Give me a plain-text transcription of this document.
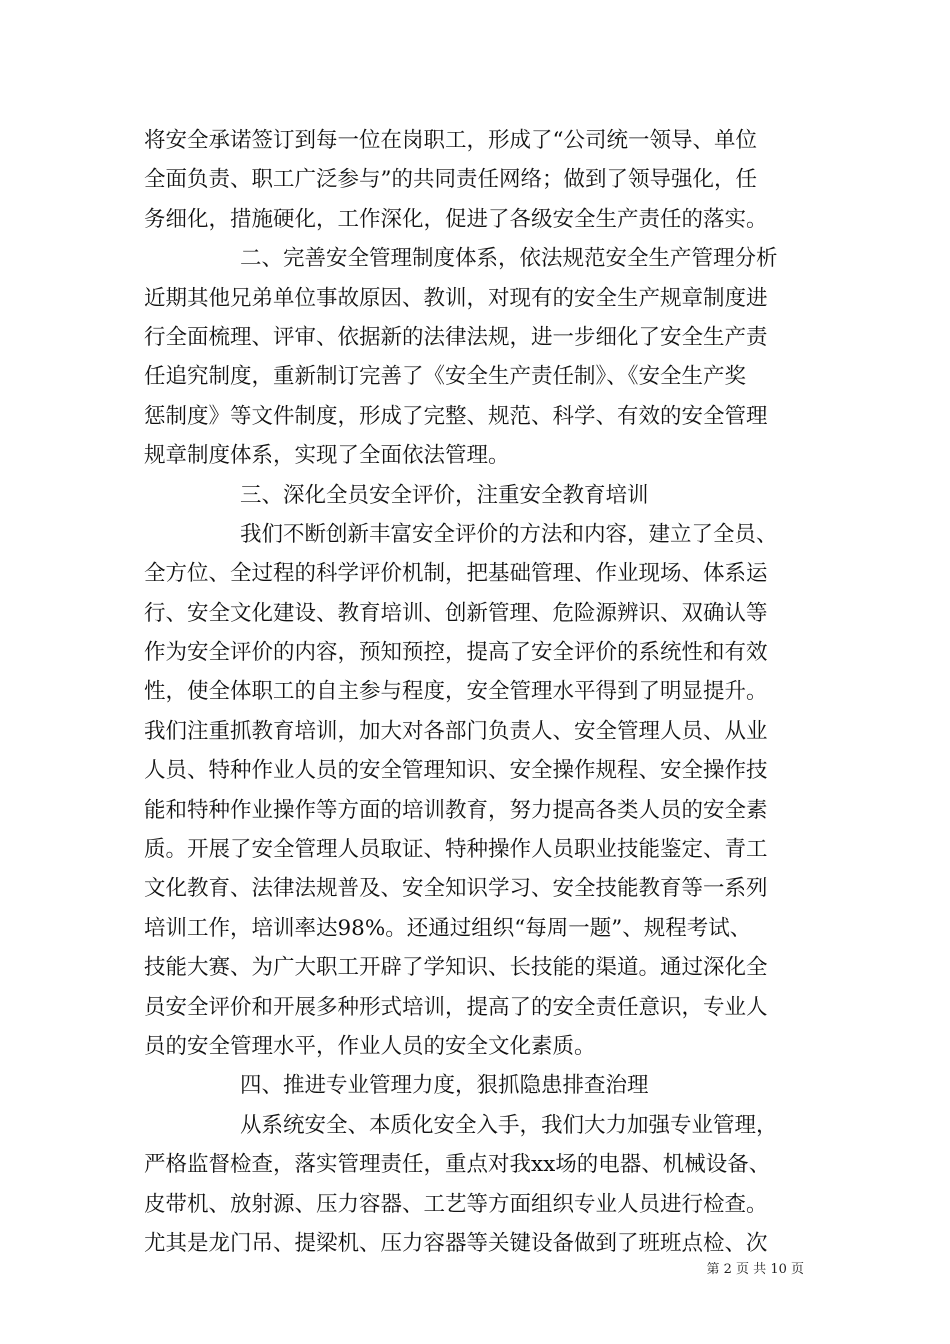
将安全承诺签订到每一位在岗职工，形成了“公司统一领导、单位
全面负责、职工广泛参与”的共同责任网络；做到了领导强化，任
务细化，措施硬化，工作深化，促进了各级安全生产责任的落实。
二、完善安全管理制度体系，依法规范安全生产管理分析
近期其他兄弟单位事故原因、教训，对现有的安全生产规章制度进
行全面梳理、评审、依据新的法律法规，进一步细化了安全生产责
任追究制度，重新制订完善了《安全生产责任制》、《安全生产奖
惩制度》等文件制度，形成了完整、规范、科学、有效的安全管理
规章制度体系，实现了全面依法管理。
三、深化全员安全评价，注重安全教育培训
我们不断创新丰富安全评价的方法和内容，建立了全员、
全方位、全过程的科学评价机制，把基础管理、作业现场、体系运
行、安全文化建设、教育培训、创新管理、危险源辨识、双确认等
作为安全评价的内容，预知预控，提高了安全评价的系统性和有效
性，使全体职工的自主参与程度，安全管理水平得到了明显提升。
我们注重抓教育培训，加大对各部门负责人、安全管理人员、从业
人员、特种作业人员的安全管理知识、安全操作规程、安全操作技
能和特种作业操作等方面的培训教育，努力提高各类人员的安全素
质。开展了安全管理人员取证、特种操作人员职业技能鉴定、青工
文化教育、法律法规普及、安全知识学习、安全技能教育等一系列
培训工作，培训率达98%。还通过组织“每周一题”、规程考试、
技能大赛、为广大职工开辟了学知识、长技能的渠道。通过深化全
员安全评价和开展多种形式培训，提高了的安全责任意识，专业人
员的安全管理水平，作业人员的安全文化素质。
四、推进专业管理力度，狠抓隐患排查治理
从系统安全、本质化安全入手，我们大力加强专业管理，
严格监督检查，落实管理责任，重点对我xx场的电器、机械设备、
皮带机、放射源、压力容器、工艺等方面组织专业人员进行检查。
尤其是龙门吊、提梁机、压力容器等关键设备做到了班班点检、次
第 2 页 共 10 页
